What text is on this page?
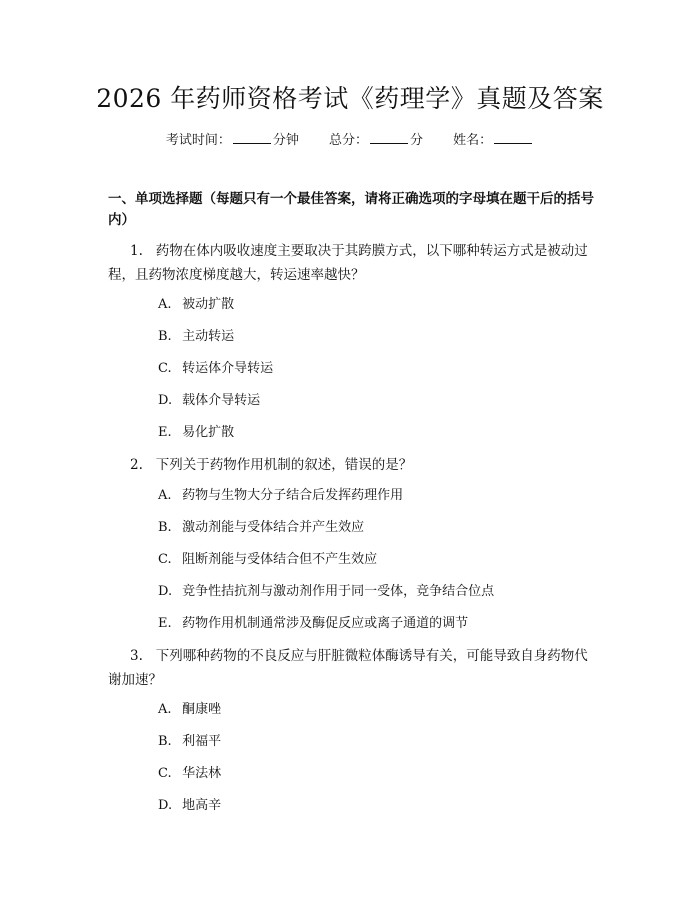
2026 年药师资格考试《药理学》真题及答案
考试时间：	分钟 总分：	分 姓名：
一、单项选择题（每题只有一个最佳答案，请将正确选项的字母填在题干后的括号内）
1. 药物在体内吸收速度主要取决于其跨膜方式，以下哪种转运方式是被动过程，且药物浓度梯度越大，转运速率越快？
A. 被动扩散
B. 主动转运
C. 转运体介导转运
D. 载体介导转运
E. 易化扩散
2. 下列关于药物作用机制的叙述，错误的是？
A. 药物与生物大分子结合后发挥药理作用
B. 激动剂能与受体结合并产生效应
C. 阻断剂能与受体结合但不产生效应
D. 竞争性拮抗剂与激动剂作用于同一受体，竞争结合位点
E. 药物作用机制通常涉及酶促反应或离子通道的调节
3. 下列哪种药物的不良反应与肝脏微粒体酶诱导有关，可能导致自身药物代谢加速？
A. 酮康唑
B. 利福平
C. 华法林
D. 地高辛
